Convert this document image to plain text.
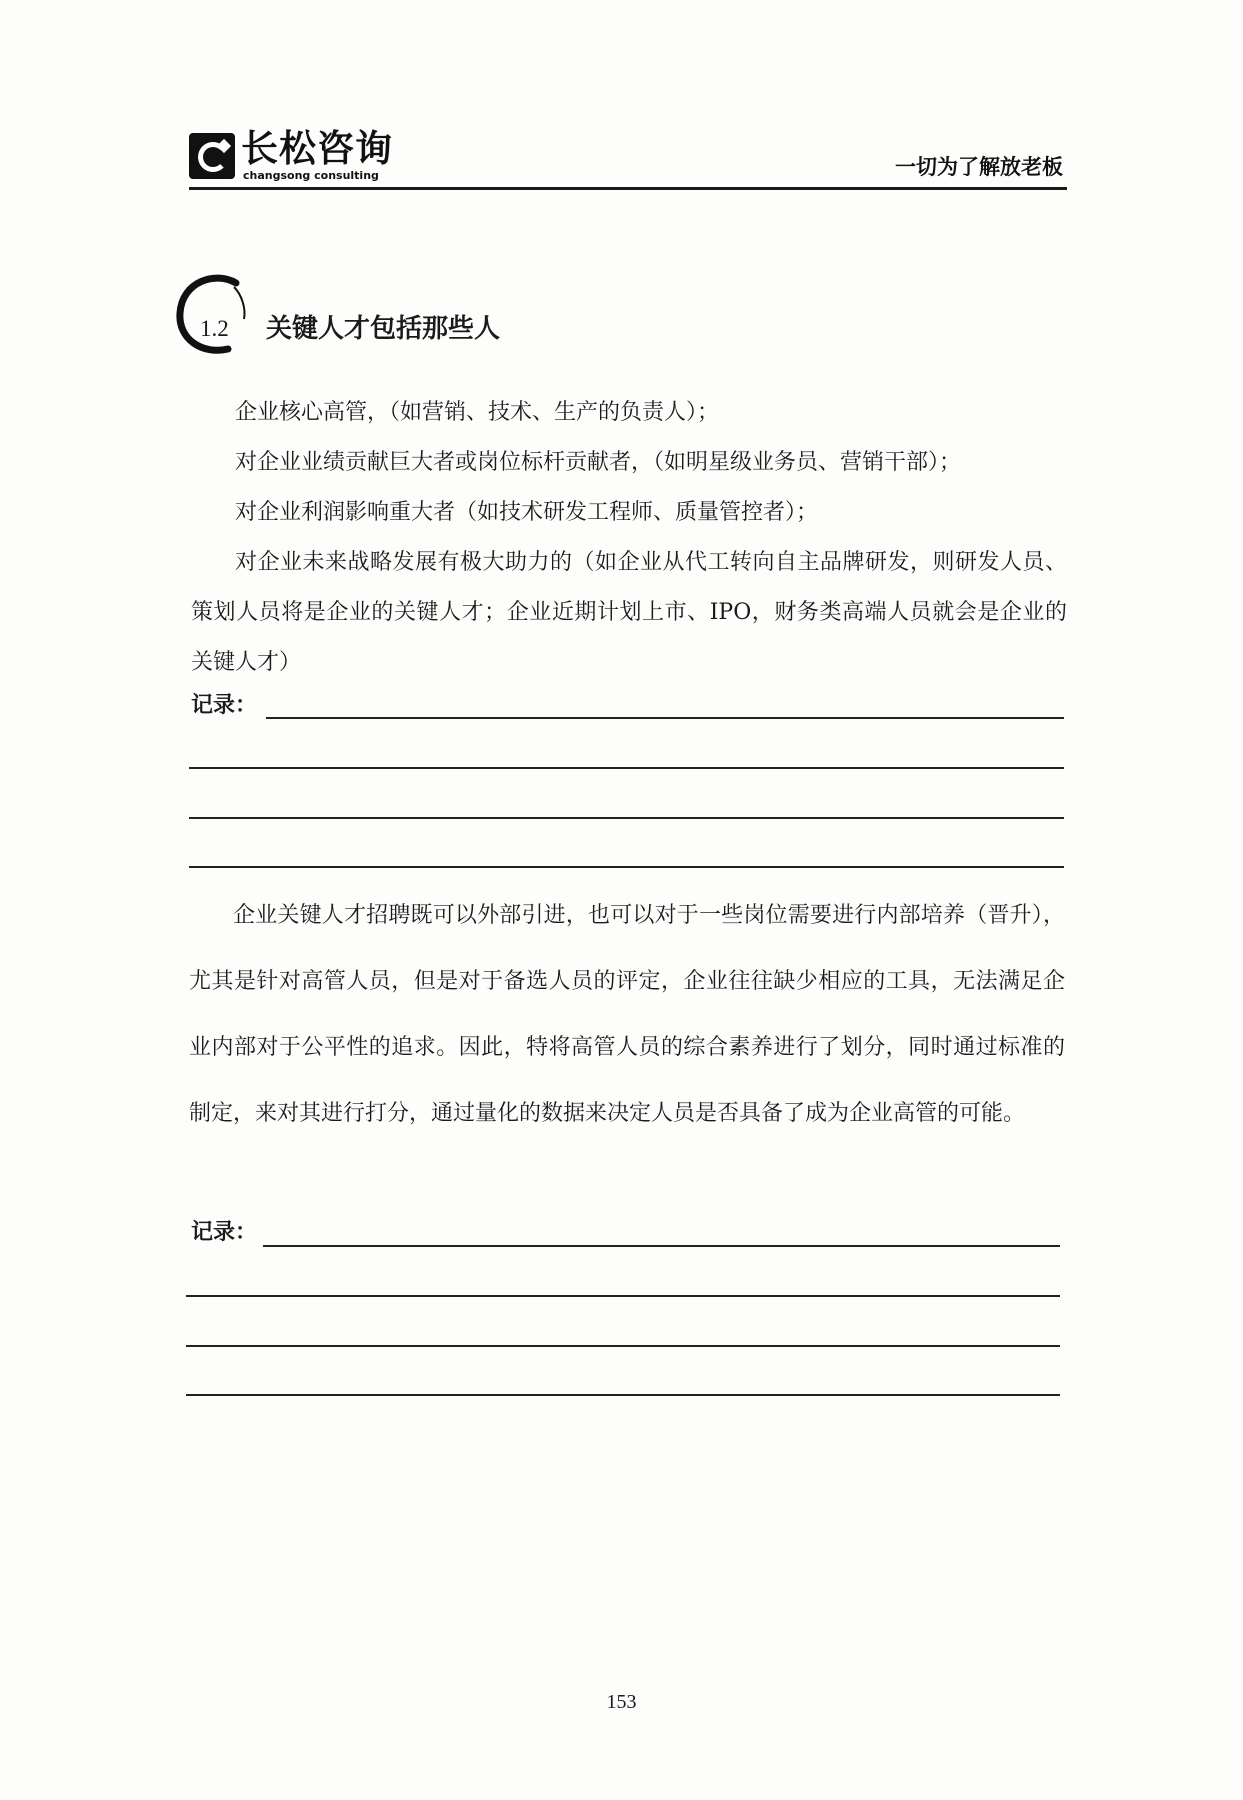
长松咨询
changsong consulting	一切为了解放老板
1.2 关键人才包括那些人

企业核心高管，（如营销、技术、生产的负责人）；

对企业业绩贡献巨大者或岗位标杆贡献者，（如明星级业务员、营销干部）；

对企业利润影响重大者（如技术研发工程师、质量管控者）；

对企业未来战略发展有极大助力的（如企业从代工转向自主品牌研发，则研发人员、策划人员将是企业的关键人才；企业近期计划上市、IPO，财务类高端人员就会是企业的关键人才）

记录：

企业关键人才招聘既可以外部引进，也可以对于一些岗位需要进行内部培养（晋升），尤其是针对高管人员，但是对于备选人员的评定，企业往往缺少相应的工具，无法满足企业内部对于公平性的追求。因此，特将高管人员的综合素养进行了划分，同时通过标准的制定，来对其进行打分，通过量化的数据来决定人员是否具备了成为企业高管的可能。

记录：
153
